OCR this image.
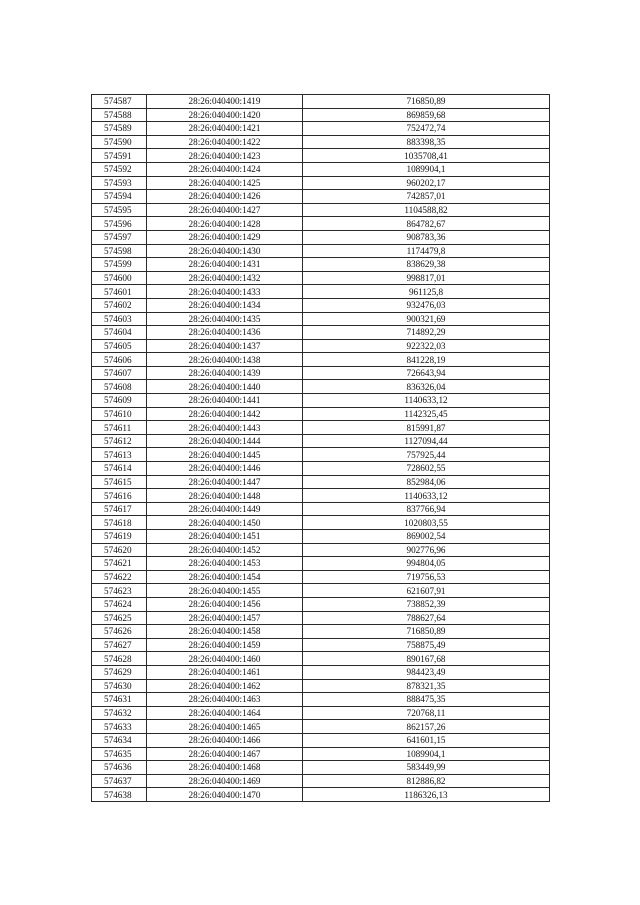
574587	28:26:040400:1419	716850,89
574588	28:26:040400:1420	869859,68
574589	28:26:040400:1421	752472,74
574590	28:26:040400:1422	883398,35
574591	28:26:040400:1423	1035708,41
574592	28:26:040400:1424	1089904,1
574593	28:26:040400:1425	960202,17
574594	28:26:040400:1426	742857,01
574595	28:26:040400:1427	1104588,82
574596	28:26:040400:1428	864782,67
574597	28:26:040400:1429	908783,36
574598	28:26:040400:1430	1174479,8
574599	28:26:040400:1431	838629,38
574600	28:26:040400:1432	998817,01
574601	28:26:040400:1433	961125,8
574602	28:26:040400:1434	932476,03
574603	28:26:040400:1435	900321,69
574604	28:26:040400:1436	714892,29
574605	28:26:040400:1437	922322,03
574606	28:26:040400:1438	841228,19
574607	28:26:040400:1439	726643,94
574608	28:26:040400:1440	836326,04
574609	28:26:040400:1441	1140633,12
574610	28:26:040400:1442	1142325,45
574611	28:26:040400:1443	815991,87
574612	28:26:040400:1444	1127094,44
574613	28:26:040400:1445	757925,44
574614	28:26:040400:1446	728602,55
574615	28:26:040400:1447	852984,06
574616	28:26:040400:1448	1140633,12
574617	28:26:040400:1449	837766,94
574618	28:26:040400:1450	1020803,55
574619	28:26:040400:1451	869002,54
574620	28:26:040400:1452	902776,96
574621	28:26:040400:1453	994804,05
574622	28:26:040400:1454	719756,53
574623	28:26:040400:1455	621607,91
574624	28:26:040400:1456	738852,39
574625	28:26:040400:1457	788627,64
574626	28:26:040400:1458	716850,89
574627	28:26:040400:1459	758875,49
574628	28:26:040400:1460	890167,68
574629	28:26:040400:1461	984423,49
574630	28:26:040400:1462	878321,35
574631	28:26:040400:1463	888475,35
574632	28:26:040400:1464	720768,11
574633	28:26:040400:1465	862157,26
574634	28:26:040400:1466	641601,15
574635	28:26:040400:1467	1089904,1
574636	28:26:040400:1468	583449,99
574637	28:26:040400:1469	812886,82
574638	28:26:040400:1470	1186326,13
